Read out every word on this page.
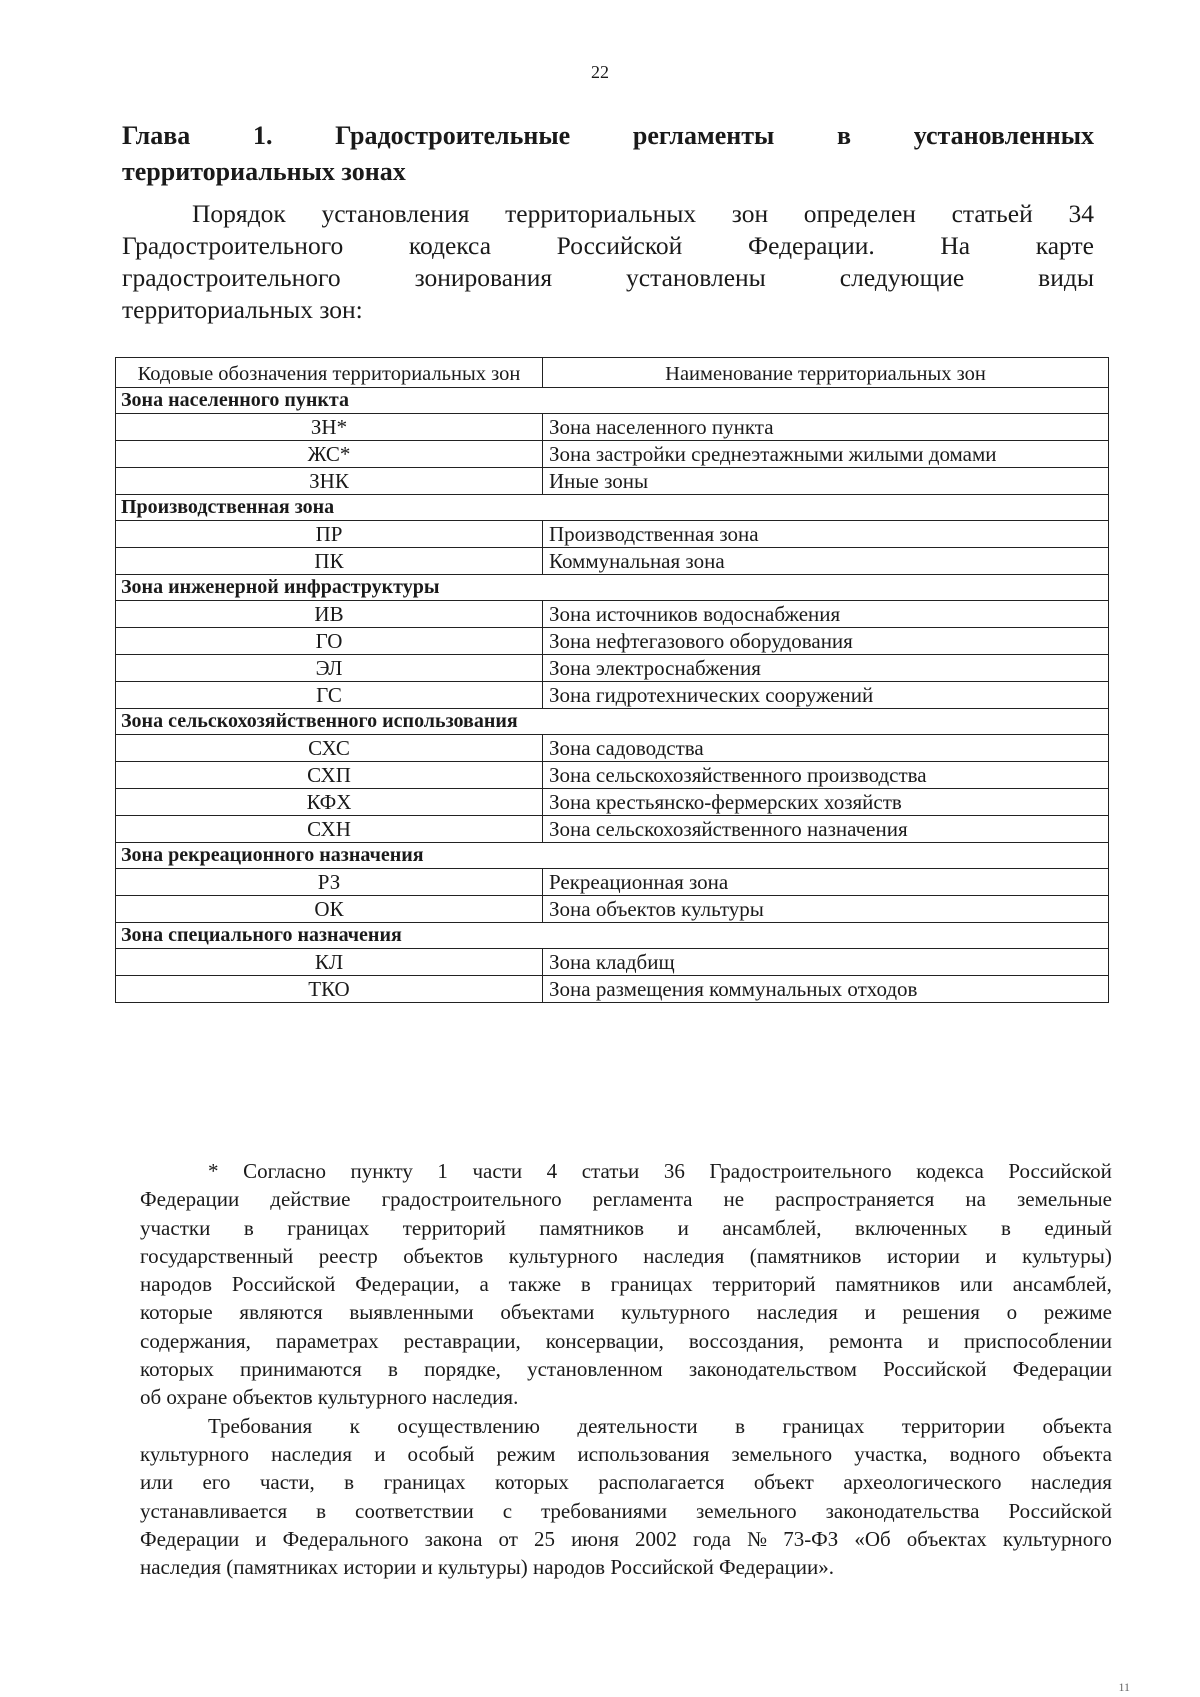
22
Глава 1. Градостроительные регламенты в установленных
территориальных зонах
Порядок установления территориальных зон определен статьей 34
Градостроительного	кодекса	Российской	Федерации.	На	карте
градостроительного	зонирования	установлены	следующие	виды
территориальных зон:
Кодовые обозначения территориальных зон	Наименование территориальных зон
Зона населенного пункта	
ЗН*	Зона населенного пункта
ЖС*	Зона застройки среднеэтажными жилыми домами
ЗНК	Иные зоны
Производственная зона	
ПР	Производственная зона
ПК	Коммунальная зона
Зона инженерной инфраструктуры	
ИВ	Зона источников водоснабжения
ГО	Зона нефтегазового оборудования
ЭЛ	Зона электроснабжения
ГС	Зона гидротехнических сооружений
Зона сельскохозяйственного использования	
СХС	Зона садоводства
СХП	Зона сельскохозяйственного производства
КФХ	Зона крестьянско-фермерских хозяйств
СХН	Зона сельскохозяйственного назначения
Зона рекреационного назначения	
РЗ	Рекреационная зона
ОК	Зона объектов культуры
Зона специального назначения	
КЛ	Зона кладбищ
ТКО	Зона размещения коммунальных отходов
* Согласно пункту 1 части 4 статьи 36 Градостроительного кодекса Российской
Федерации действие градостроительного регламента не распространяется на земельные
участки в границах территорий памятников и ансамблей, включенных в единый
государственный реестр объектов культурного наследия (памятников истории и культуры)
народов Российской Федерации, а также в границах территорий памятников или ансамблей,
которые являются выявленными объектами культурного наследия и решения о режиме
содержания, параметрах реставрации, консервации, воссоздания, ремонта и приспособлении
которых принимаются в порядке, установленном законодательством Российской Федерации
об охране объектов культурного наследия.
Требования к осуществлению деятельности в границах территории объекта
культурного наследия и особый режим использования земельного участка, водного объекта
или его части, в границах которых располагается объект археологического наследия
устанавливается в соответствии с требованиями земельного законодательства Российской
Федерации и Федерального закона от 25 июня 2002 года № 73-ФЗ «Об объектах культурного
наследия (памятниках истории и культуры) народов Российской Федерации».
11
